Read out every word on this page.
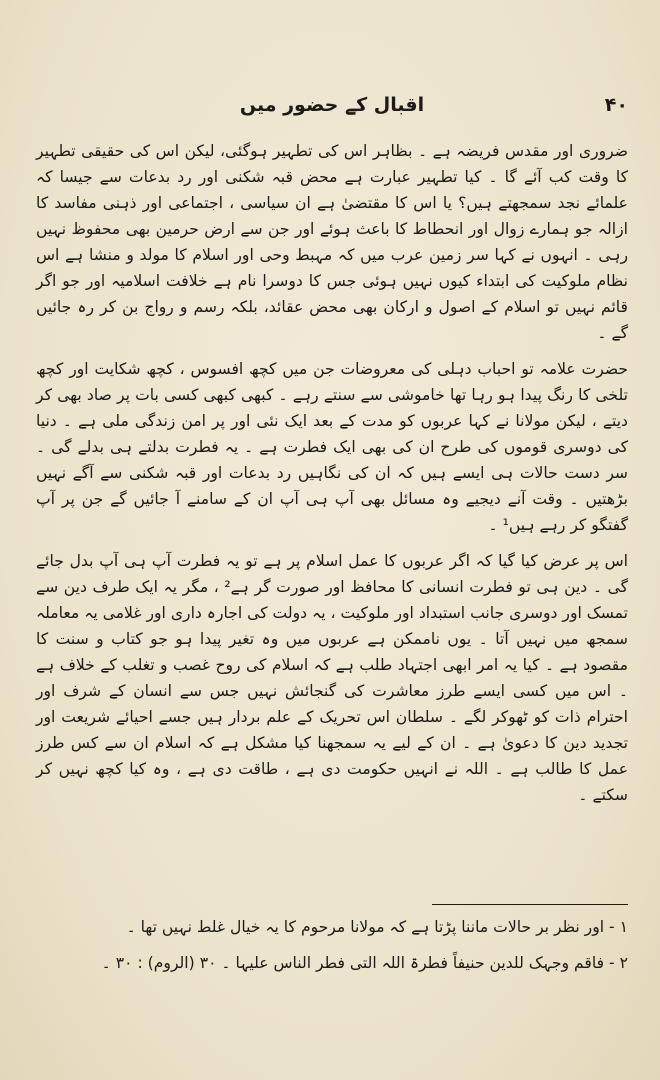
۴۰
اقبال کے حضور میں

ضروری اور مقدس فریضہ ہے ۔ بظاہر اس کی تطہیر ہوگئی، لیکن اس کی حقیقی تطہیر کا وقت کب آئے گا ۔ کیا تطہیر عبارت ہے محض قبہ شکنی اور رد بدعات سے جیسا کہ علمائے نجد سمجھتے ہیں؟ یا اس کا مقتضیٰ ہے ان سیاسی ، اجتماعی اور ذہنی مفاسد کا ازالہ جو ہمارے زوال اور انحطاط کا باعث ہوئے اور جن سے ارض حرمین بھی محفوظ نہیں رہی ۔ انہوں نے کہا سر زمین عرب میں کہ مہبط وحی اور اسلام کا مولد و منشا ہے اس نظام ملوکیت کی ابتداء کیوں نہیں ہوئی جس کا دوسرا نام ہے خلافت اسلامیہ اور جو اگر قائم نہیں تو اسلام کے اصول و ارکان بھی محض عقائد، بلکہ رسم و رواج بن کر رہ جائیں گے ۔

حضرت علامہ تو احباب دہلی کی معروضات جن میں کچھ افسوس ، کچھ شکایت اور کچھ تلخی کا رنگ پیدا ہو رہا تھا خاموشی سے سنتے رہے ۔ کبھی کبھی کسی بات پر صاد بھی کر دیتے ، لیکن مولانا نے کہا عربوں کو مدت کے بعد ایک نئی اور پر امن زندگی ملی ہے ۔ دنیا کی دوسری قوموں کی طرح ان کی بھی ایک فطرت ہے ۔ یہ فطرت بدلتے ہی بدلے گی ۔ سر دست حالات ہی ایسے ہیں کہ ان کی نگاہیں رد بدعات اور قبہ شکنی سے آگے نہیں بڑھتیں ۔ وقت آنے دیجیے وہ مسائل بھی آپ ہی آپ ان کے سامنے آ جائیں گے جن پر آپ گفتگو کر رہے ہیں¹ ۔

اس پر عرض کیا گیا کہ اگر عربوں کا عمل اسلام پر ہے تو یہ فطرت آپ ہی آپ بدل جائے گی ۔ دین ہی تو فطرت انسانی کا محافظ اور صورت گر ہے² ، مگر یہ ایک طرف دین سے تمسک اور دوسری جانب استبداد اور ملوکیت ، یہ دولت کی اجارہ داری اور غلامی یہ معاملہ سمجھ میں نہیں آتا ۔ یوں ناممکن ہے عربوں میں وہ تغیر پیدا ہو جو کتاب و سنت کا مقصود ہے ۔ کیا یہ امر ابھی اجتہاد طلب ہے کہ اسلام کی روح غصب و تغلب کے خلاف ہے ۔ اس میں کسی ایسے طرز معاشرت کی گنجائش نہیں جس سے انسان کے شرف اور احترام ذات کو ٹھوکر لگے ۔ سلطان اس تحریک کے علم بردار ہیں جسے احیائے شریعت اور تجدید دین کا دعویٰ ہے ۔ ان کے لیے یہ سمجھنا کیا مشکل ہے کہ اسلام ان سے کس طرز عمل کا طالب ہے ۔ اللہ نے انہیں حکومت دی ہے ، طاقت دی ہے ، وہ کیا کچھ نہیں کر سکتے ۔

۱ - اور نظر بر حالات ماننا پڑتا ہے کہ مولانا مرحوم کا یہ خیال غلط نہیں تھا ۔
۲ - فاقم وجہک للدین حنیفاً فطرۃ اللہ التی فطر الناس علیہا ۔ ۳۰ (الروم) : ۳۰ ۔
